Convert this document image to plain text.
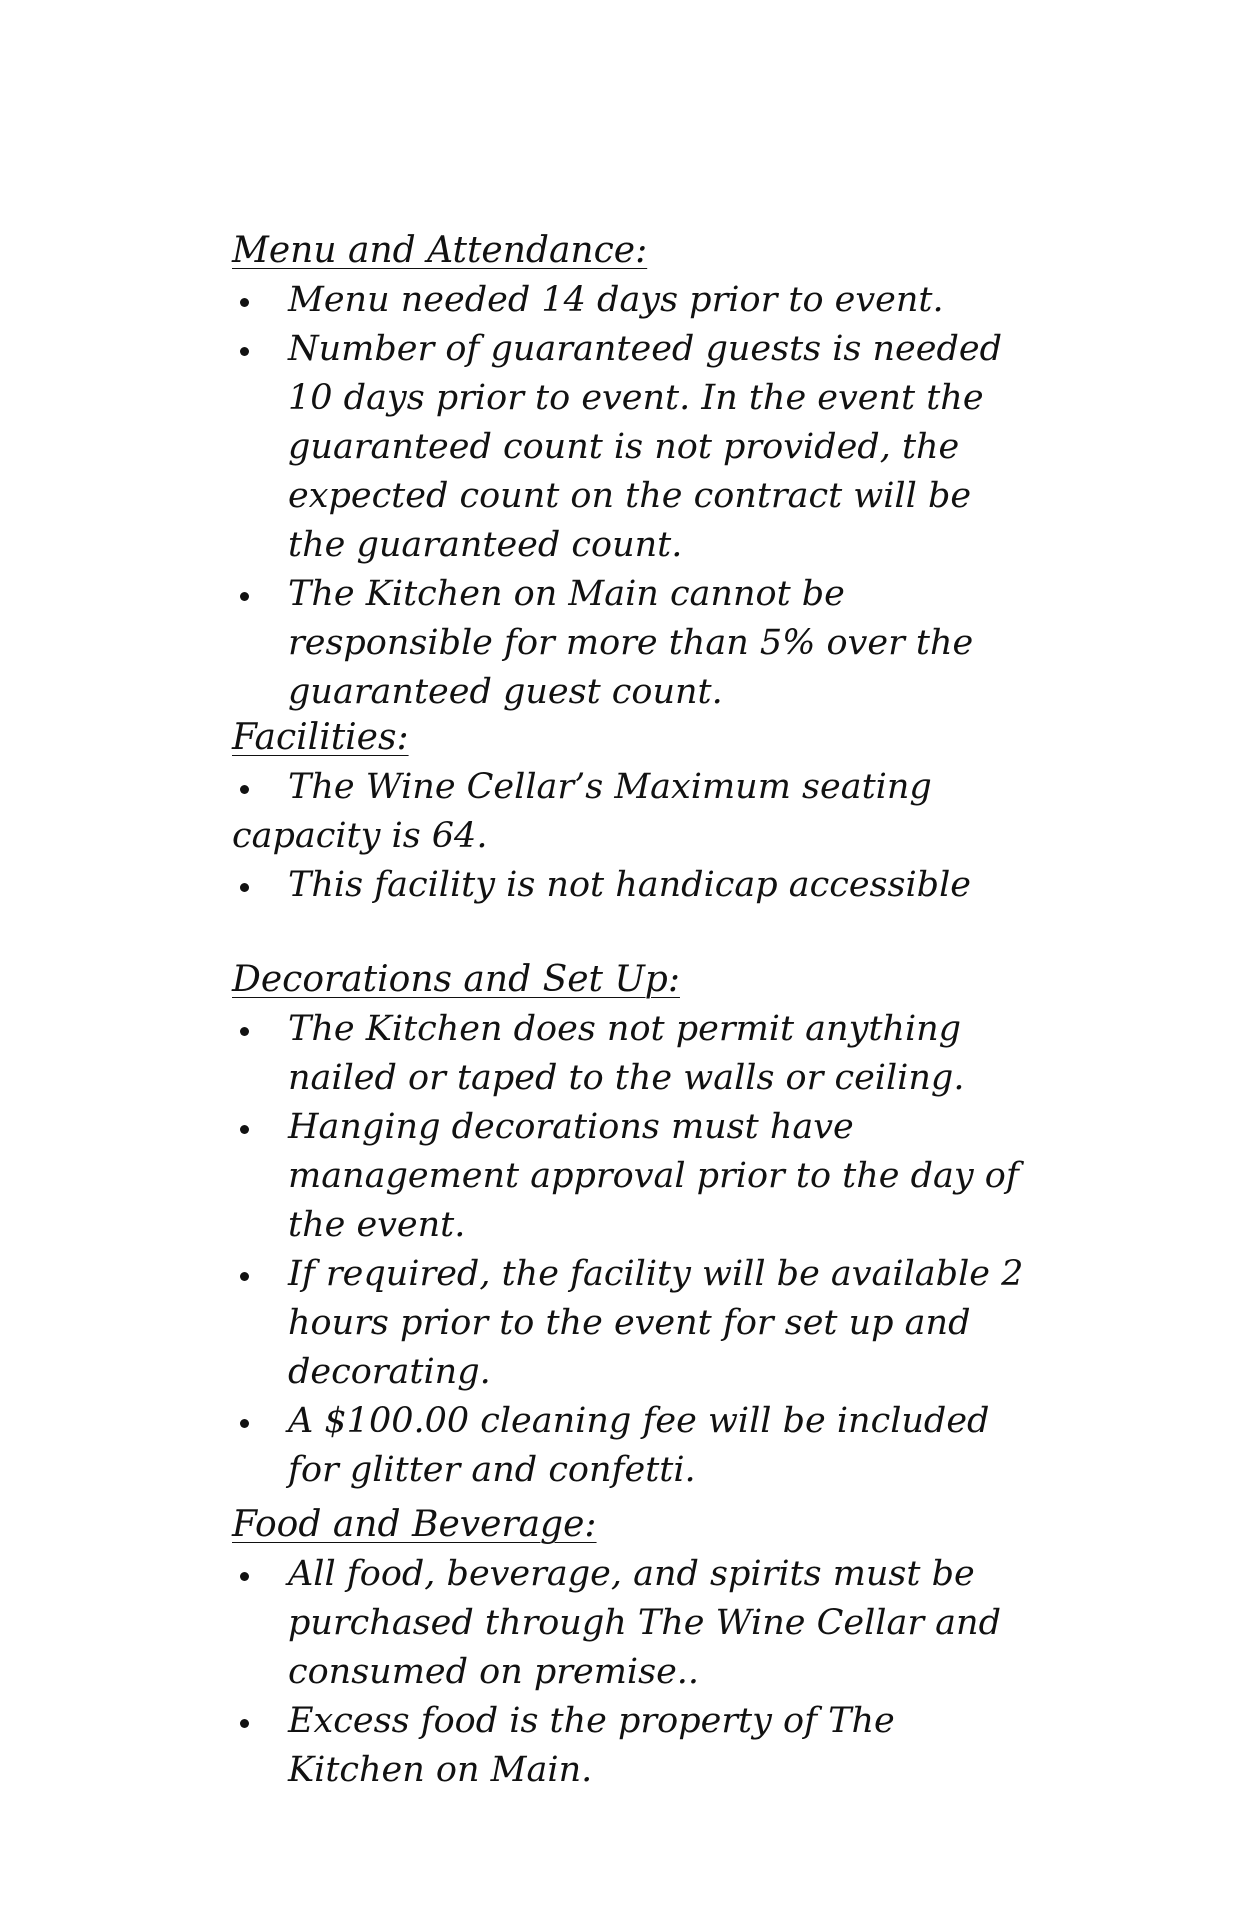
Menu and Attendance:
Menu needed 14 days prior to event.
Number of guaranteed guests is needed 10 days prior to event. In the event the guaranteed count is not provided, the expected count on the contract will be the guaranteed count.
The Kitchen on Main cannot be responsible for more than 5% over the guaranteed guest count.
Facilities:
The Wine Cellar’s Maximum seating capacity is 64.
This facility is not handicap accessible
Decorations and Set Up:
The Kitchen does not permit anything nailed or taped to the walls or ceiling.
Hanging decorations must have management approval prior to the day of the event.
If required, the facility will be available 2 hours prior to the event for set up and decorating.
A $100.00 cleaning fee will be included for glitter and confetti.
Food and Beverage:
All food, beverage, and spirits must be purchased through The Wine Cellar and consumed on premise..
Excess food is the property of The Kitchen on Main.
